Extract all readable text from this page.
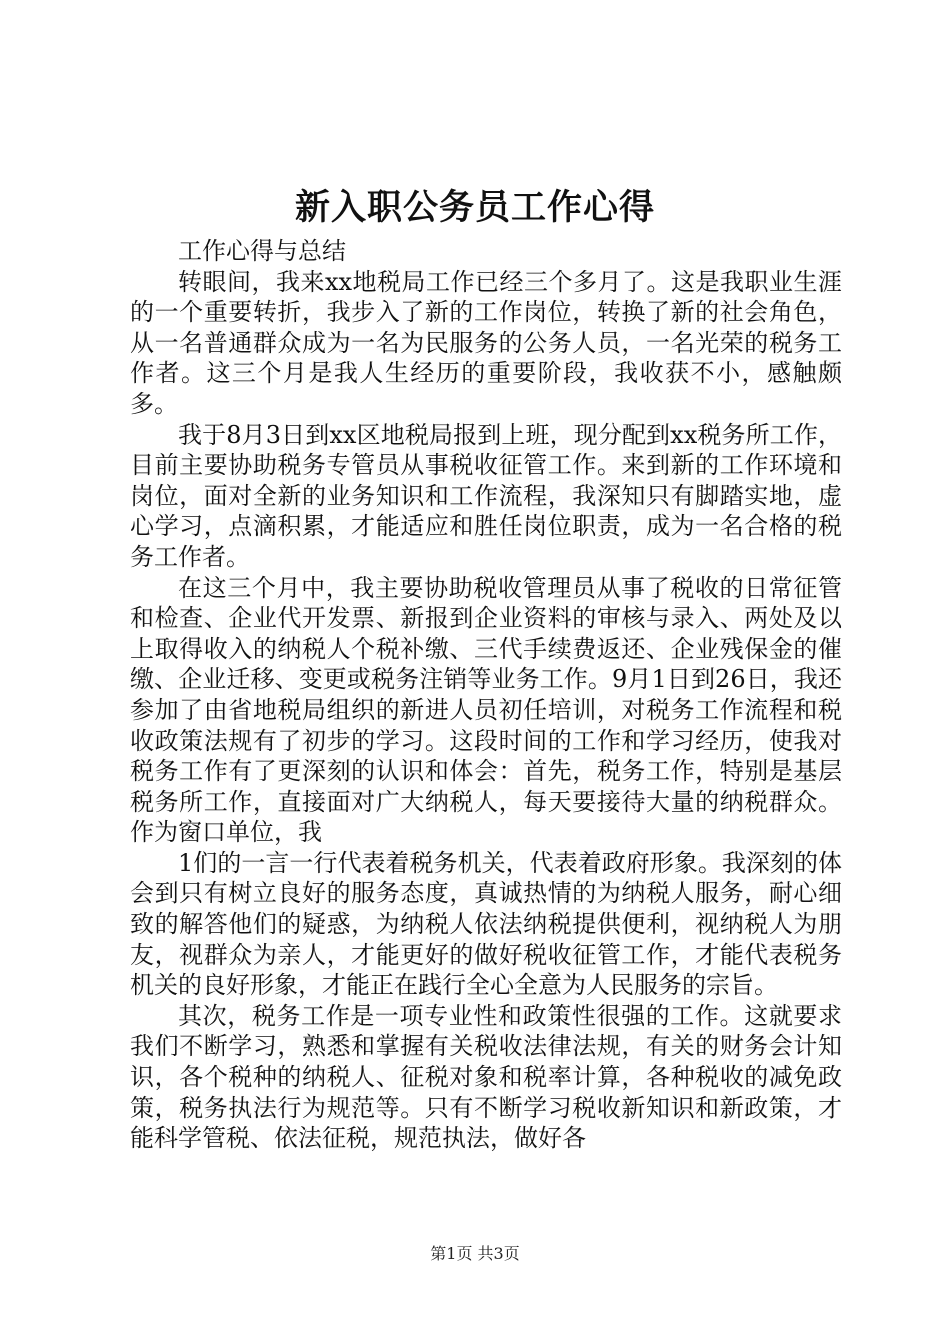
新入职公务员工作心得

工作心得与总结

转眼间，我来xx地税局工作已经三个多月了。这是我职业生涯的一个重要转折，我步入了新的工作岗位，转换了新的社会角色，从一名普通群众成为一名为民服务的公务人员，一名光荣的税务工作者。这三个月是我人生经历的重要阶段，我收获不小，感触颇多。

我于8月3日到xx区地税局报到上班，现分配到xx税务所工作，目前主要协助税务专管员从事税收征管工作。来到新的工作环境和岗位，面对全新的业务知识和工作流程，我深知只有脚踏实地，虚心学习，点滴积累，才能适应和胜任岗位职责，成为一名合格的税务工作者。

在这三个月中，我主要协助税收管理员从事了税收的日常征管和检查、企业代开发票、新报到企业资料的审核与录入、两处及以上取得收入的纳税人个税补缴、三代手续费返还、企业残保金的催缴、企业迁移、变更或税务注销等业务工作。9月1日到26日，我还参加了由省地税局组织的新进人员初任培训，对税务工作流程和税收政策法规有了初步的学习。这段时间的工作和学习经历，使我对税务工作有了更深刻的认识和体会：首先，税务工作，特别是基层税务所工作，直接面对广大纳税人，每天要接待大量的纳税群众。作为窗口单位，我

1们的一言一行代表着税务机关，代表着政府形象。我深刻的体会到只有树立良好的服务态度，真诚热情的为纳税人服务，耐心细致的解答他们的疑惑，为纳税人依法纳税提供便利，视纳税人为朋友，视群众为亲人，才能更好的做好税收征管工作，才能代表税务机关的良好形象，才能正在践行全心全意为人民服务的宗旨。

其次，税务工作是一项专业性和政策性很强的工作。这就要求我们不断学习，熟悉和掌握有关税收法律法规，有关的财务会计知识，各个税种的纳税人、征税对象和税率计算，各种税收的减免政策，税务执法行为规范等。只有不断学习税收新知识和新政策，才能科学管税、依法征税，规范执法，做好各

第1页 共3页
